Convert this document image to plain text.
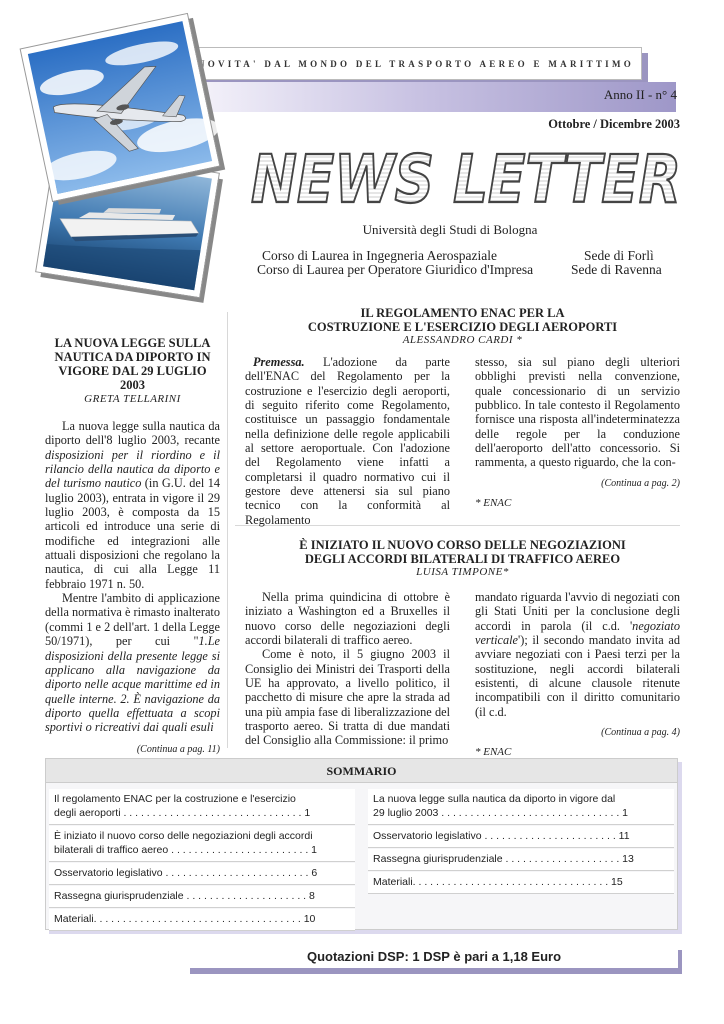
NOVITA' DAL MONDO DEL TRASPORTO AEREO E MARITTIMO
Anno II - n° 4
Ottobre / Dicembre 2003
NEWS LETTER
Università degli Studi di Bologna
Corso di Laurea in Ingegneria Aerospaziale
Corso di Laurea per Operatore Giuridico d'Impresa
Sede di Forlì
Sede di Ravenna
LA NUOVA LEGGE SULLA NAUTICA DA DIPORTO IN VIGORE DAL 29 LUGLIO 2003
GRETA TELLARINI

La nuova legge sulla nautica da diporto dell'8 luglio 2003, recante disposizioni per il riordino e il rilancio della nautica da diporto e del turismo nautico (in G.U. del 14 luglio 2003), entrata in vigore il 29 luglio 2003, è composta da 15 articoli ed introduce una serie di modifiche ed integrazioni alle attuali disposizioni che regolano la nautica, di cui alla Legge 11 febbraio 1971 n. 50.

Mentre l'ambito di applicazione della normativa è rimasto inalterato (commi 1 e 2 dell'art. 1 della Legge 50/1971), per cui "1.Le disposizioni della presente legge si applicano alla navigazione da diporto nelle acque marittime ed in quelle interne. 2. È navigazione da diporto quella effettuata a scopi sportivi o ricreativi dai quali esuli

(Continua a pag. 11)
IL REGOLAMENTO ENAC PER LA
COSTRUZIONE E L'ESERCIZIO DEGLI AEROPORTI
ALESSANDRO CARDI *

Premessa. L'adozione da parte dell'ENAC del Regolamento per la costruzione e l'esercizio degli aeroporti, di seguito riferito come Regolamento, costituisce un passaggio fondamentale nella definizione delle regole applicabili al settore aeroportuale. Con l'adozione del Regolamento viene infatti a completarsi il quadro normativo cui il gestore deve attenersi sia sul piano tecnico con la conformità al Regolamento

stesso, sia sul piano degli ulteriori obblighi previsti nella convenzione, quale concessionario di un servizio pubblico. In tale contesto il Regolamento fornisce una risposta all'indeterminatezza delle regole per la conduzione dell'aeroporto dell'atto concessorio. Si rammenta, a questo riguardo, che la con-

(Continua a pag. 2)
* ENAC
È INIZIATO IL NUOVO CORSO DELLE NEGOZIAZIONI
DEGLI ACCORDI BILATERALI DI TRAFFICO AEREO
LUISA TIMPONE*

Nella prima quindicina di ottobre è iniziato a Washington ed a Bruxelles il nuovo corso delle negoziazioni degli accordi bilaterali di traffico aereo.

Come è noto, il 5 giugno 2003 il Consiglio dei Ministri dei Trasporti della UE ha approvato, a livello politico, il pacchetto di misure che apre la strada ad una più ampia fase di liberalizzazione del trasporto aereo. Si tratta di due mandati del Consiglio alla Commissione: il primo

mandato riguarda l'avvio di negoziati con gli Stati Uniti per la conclusione degli accordi in parola (il c.d. 'negoziato verticale'); il secondo mandato invita ad avviare negoziati con i Paesi terzi per la sostituzione, negli accordi bilaterali esistenti, di alcune clausole ritenute incompatibili con il diritto comunitario (il c.d.

(Continua a pag. 4)
* ENAC
SOMMARIO
Il regolamento ENAC per la costruzione e l'esercizio
degli aeroporti . . . . . . . . . . . . . . . . . . . . . . . . . . . . . . . 1
È iniziato il nuovo corso delle negoziazioni degli accordi
bilaterali di traffico aereo . . . . . . . . . . . . . . . . . . . . . . . . 1
Osservatorio legislativo . . . . . . . . . . . . . . . . . . . . . . . . . 6
Rassegna giurisprudenziale . . . . . . . . . . . . . . . . . . . . . 8
Materiali. . . . . . . . . . . . . . . . . . . . . . . . . . . . . . . . . . . . 10
La nuova legge sulla nautica da diporto in vigore dal
29 luglio 2003 . . . . . . . . . . . . . . . . . . . . . . . . . . . . . . . 1
Osservatorio legislativo . . . . . . . . . . . . . . . . . . . . . . . 11
Rassegna giurisprudenziale . . . . . . . . . . . . . . . . . . . . 13
Materiali. . . . . . . . . . . . . . . . . . . . . . . . . . . . . . . . . . 15
Quotazioni DSP: 1 DSP è pari a 1,18 Euro
